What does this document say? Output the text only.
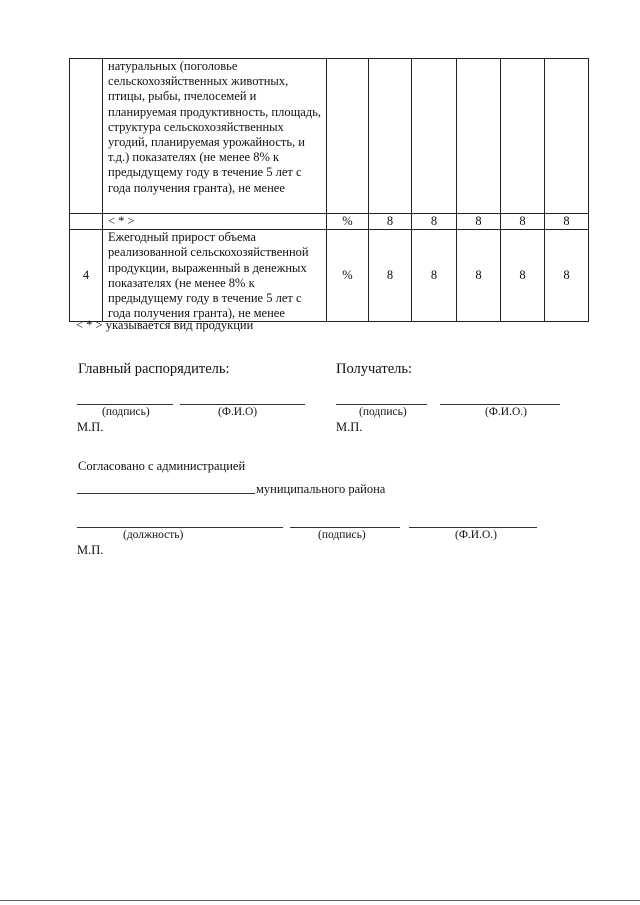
	натуральных (поголовье сельскохозяйственных животных, птицы, рыбы, пчелосемей и планируемая продуктивность, площадь, структура сельскохозяйственных угодий, планируемая урожайность, и т.д.) показателях (не менее 8% к предыдущему году в течение 5 лет с года получения гранта), не менее						
	< * >	%	8	8	8	8	8
4	Ежегодный прирост объема реализованной сельскохозяйственной продукции, выраженный в денежных показателях (не менее 8% к предыдущему году в течение 5 лет с года получения гранта), не менее	%	8	8	8	8	8
< * > указывается вид продукции
Главный распорядитель:	Получатель:
(подпись)	(Ф.И.О)	(подпись)	(Ф.И.О.)
М.П.	М.П.
Согласовано с администрацией
муниципального района
(должность)	(подпись)	(Ф.И.О.)
М.П.
